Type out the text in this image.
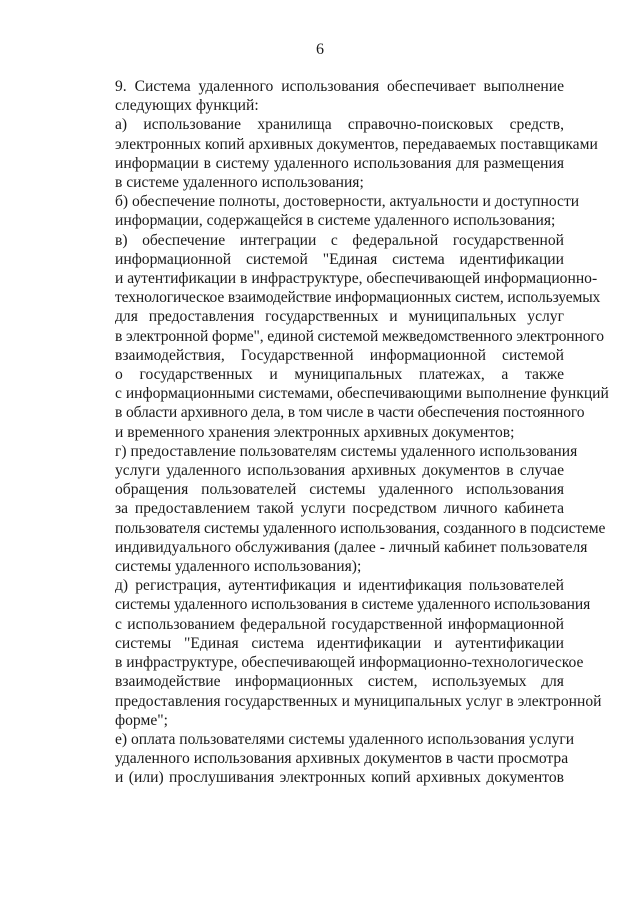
6

9. Система удаленного использования обеспечивает выполнение
следующих функций:

а) использование хранилища справочно-поисковых средств,
электронных копий архивных документов, передаваемых поставщиками
информации в систему удаленного использования для размещения
в системе удаленного использования;

б) обеспечение полноты, достоверности, актуальности и доступности
информации, содержащейся в системе удаленного использования;

в) обеспечение интеграции с федеральной государственной
информационной системой "Единая система идентификации
и аутентификации в инфраструктуре, обеспечивающей информационно-
технологическое взаимодействие информационных систем, используемых
для предоставления государственных и муниципальных услуг
в электронной форме", единой системой межведомственного электронного
взаимодействия, Государственной информационной системой
о государственных и муниципальных платежах, а также
с информационными системами, обеспечивающими выполнение функций
в области архивного дела, в том числе в части обеспечения постоянного
и временного хранения электронных архивных документов;

г) предоставление пользователям системы удаленного использования
услуги удаленного использования архивных документов в случае
обращения пользователей системы удаленного использования
за предоставлением такой услуги посредством личного кабинета
пользователя системы удаленного использования, созданного в подсистеме
индивидуального обслуживания (далее - личный кабинет пользователя
системы удаленного использования);

д) регистрация, аутентификация и идентификация пользователей
системы удаленного использования в системе удаленного использования
с использованием федеральной государственной информационной
системы "Единая система идентификации и аутентификации
в инфраструктуре, обеспечивающей информационно-технологическое
взаимодействие информационных систем, используемых для
предоставления государственных и муниципальных услуг в электронной
форме";

е) оплата пользователями системы удаленного использования услуги
удаленного использования архивных документов в части просмотра
и (или) прослушивания электронных копий архивных документов
